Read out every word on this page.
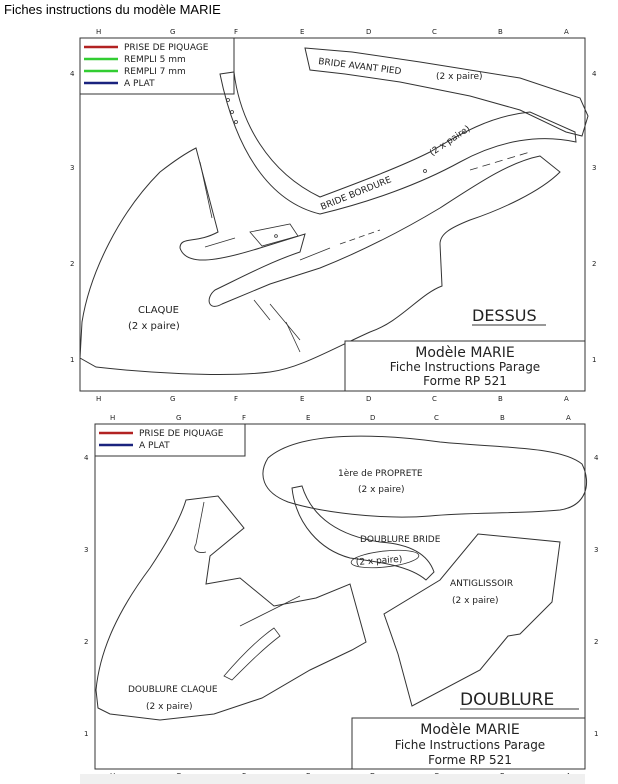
Fiches instructions du modèle MARIE
H	G	F	E	D	C	B	A
H	G	F	E	D	C	B	A
4
3
2
1
4
3
2
1
PRISE DE PIQUAGE
REMPLI 5 mm
REMPLI 7 mm
A PLAT
BRIDE AVANT PIED	(2 x paire)
BRIDE BORDURE
(2 x paire)
CLAQUE
(2 x paire)
DESSUS
Modèle MARIE
Fiche Instructions Parage
Forme RP 521
H	G	F	E	D	C	B	A
4
3
2
1
4
3
2
1
PRISE DE PIQUAGE
A PLAT
1ère de PROPRETE
(2 x paire)
DOUBLURE BRIDE
(2 x paire)
ANTIGLISSOIR
(2 x paire)
DOUBLURE CLAQUE
(2 x paire)	DOUBLURE
Modèle MARIE
Fiche Instructions Parage
Forme RP 521
